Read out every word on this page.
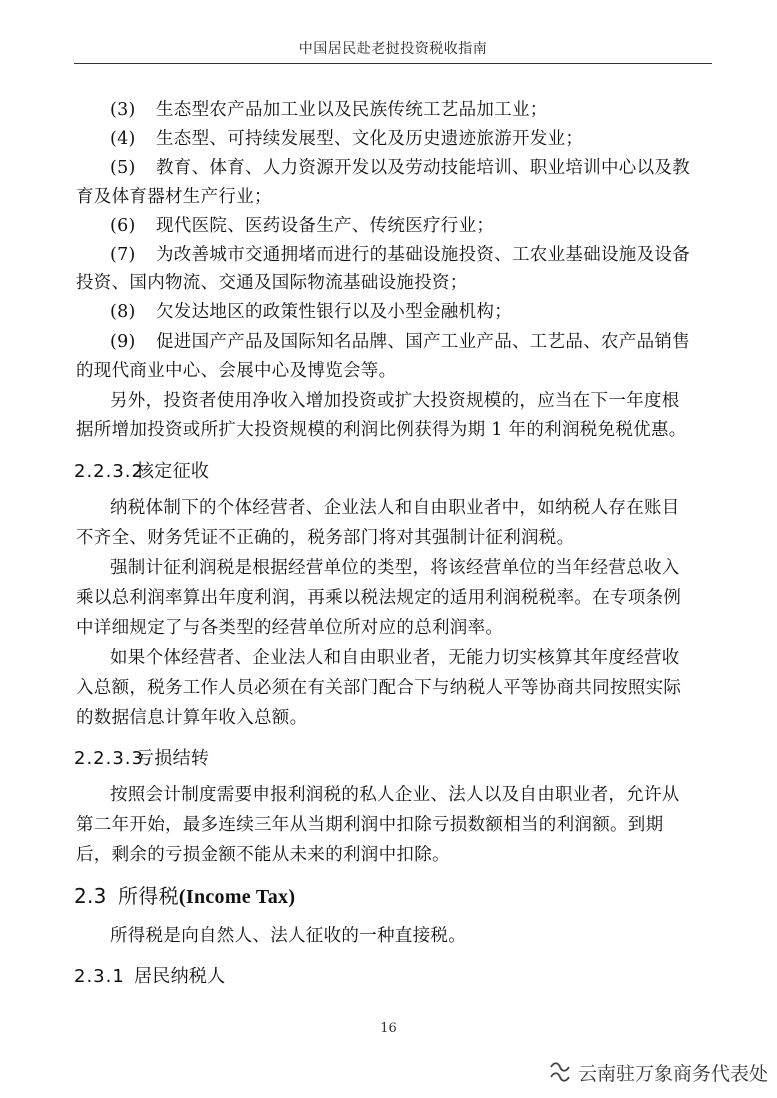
中国居民赴老挝投资税收指南
(3) 生态型农产品加工业以及民族传统工艺品加工业；
(4) 生态型、可持续发展型、文化及历史遗迹旅游开发业；
(5) 教育、体育、人力资源开发以及劳动技能培训、职业培训中心以及教
育及体育器材生产行业；
(6) 现代医院、医药设备生产、传统医疗行业；
(7) 为改善城市交通拥堵而进行的基础设施投资、工农业基础设施及设备
投资、国内物流、交通及国际物流基础设施投资；
(8) 欠发达地区的政策性银行以及小型金融机构；
(9) 促进国产产品及国际知名品牌、国产工业产品、工艺品、农产品销售
的现代商业中心、会展中心及博览会等。
另外，投资者使用净收入增加投资或扩大投资规模的，应当在下一年度根
据所增加投资或所扩大投资规模的利润比例获得为期 1 年的利润税免税优惠。
2.2.3.2核定征收
纳税体制下的个体经营者、企业法人和自由职业者中，如纳税人存在账目
不齐全、财务凭证不正确的，税务部门将对其强制计征利润税。
强制计征利润税是根据经营单位的类型，将该经营单位的当年经营总收入
乘以总利润率算出年度利润，再乘以税法规定的适用利润税税率。在专项条例
中详细规定了与各类型的经营单位所对应的总利润率。
如果个体经营者、企业法人和自由职业者，无能力切实核算其年度经营收
入总额，税务工作人员必须在有关部门配合下与纳税人平等协商共同按照实际
的数据信息计算年收入总额。
2.2.3.3亏损结转
按照会计制度需要申报利润税的私人企业、法人以及自由职业者，允许从
第二年开始，最多连续三年从当期利润中扣除亏损数额相当的利润额。到期
后，剩余的亏损金额不能从未来的利润中扣除。
2.3 所得税(Income Tax)
所得税是向自然人、法人征收的一种直接税。
2.3.1 居民纳税人
16
云南驻万象商务代表处
